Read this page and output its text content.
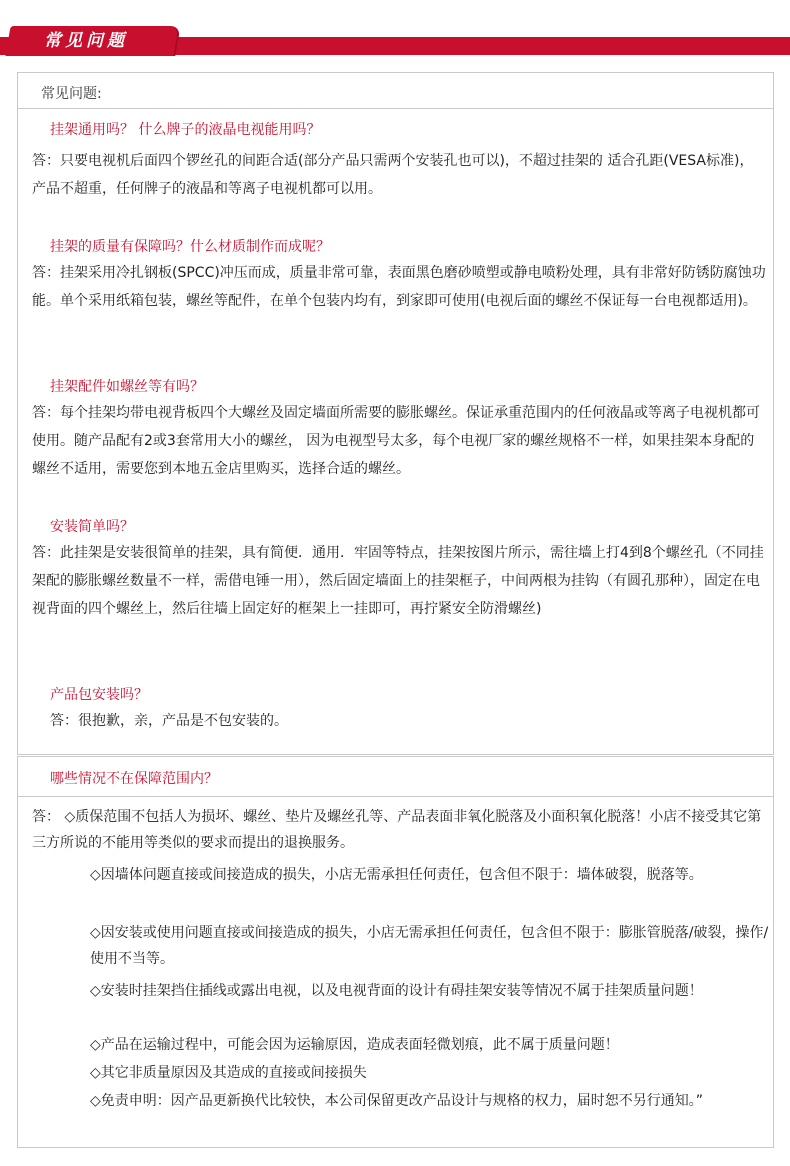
常见问题
常见问题:
挂架通用吗？ 什么牌子的液晶电视能用吗？
答：只要电视机后面四个锣丝孔的间距合适(部分产品只需两个安装孔也可以)，不超过挂架的 适合孔距(VESA标准)，产品不超重，任何牌子的液晶和等离子电视机都可以用。
挂架的质量有保障吗？什么材质制作而成呢？
答：挂架采用冷扎钢板(SPCC)冲压而成，质量非常可靠，表面黑色磨砂喷塑或静电喷粉处理，具有非常好防锈防腐蚀功能。单个采用纸箱包装，螺丝等配件，在单个包装内均有，到家即可使用(电视后面的螺丝不保证每一台电视都适用)。
挂架配件如螺丝等有吗？
答：每个挂架均带电视背板四个大螺丝及固定墙面所需要的膨胀螺丝。保证承重范围内的任何液晶或等离子电视机都可使用。随产品配有2或3套常用大小的螺丝， 因为电视型号太多，每个电视厂家的螺丝规格不一样，如果挂架本身配的螺丝不适用，需要您到本地五金店里购买，选择合适的螺丝。
安装简单吗？
答：此挂架是安装很简单的挂架，具有简便．通用．牢固等特点，挂架按图片所示，需往墙上打4到8个螺丝孔（不同挂架配的膨胀螺丝数量不一样，需借电锤一用），然后固定墙面上的挂架框子，中间两根为挂钩（有圆孔那种），固定在电视背面的四个螺丝上，然后往墙上固定好的框架上一挂即可，再拧紧安全防滑螺丝)
产品包安装吗？
答：很抱歉，亲，产品是不包安装的。
哪些情况不在保障范围内？
答： ◇质保范围不包括人为损坏、螺丝、垫片及螺丝孔等、产品表面非氧化脱落及小面积氧化脱落！小店不接受其它第三方所说的不能用等类似的要求而提出的退换服务。
◇因墙体问题直接或间接造成的损失，小店无需承担任何责任，包含但不限于：墙体破裂，脱落等。
◇因安装或使用问题直接或间接造成的损失，小店无需承担任何责任，包含但不限于：膨胀管脱落/破裂，操作/使用不当等。
◇安装时挂架挡住插线或露出电视，以及电视背面的设计有碍挂架安装等情况不属于挂架质量问题！
◇产品在运输过程中，可能会因为运输原因，造成表面轻微划痕，此不属于质量问题！
◇其它非质量原因及其造成的直接或间接损失
◇免责申明：因产品更新换代比较快，本公司保留更改产品设计与规格的权力，届时恕不另行通知。”
